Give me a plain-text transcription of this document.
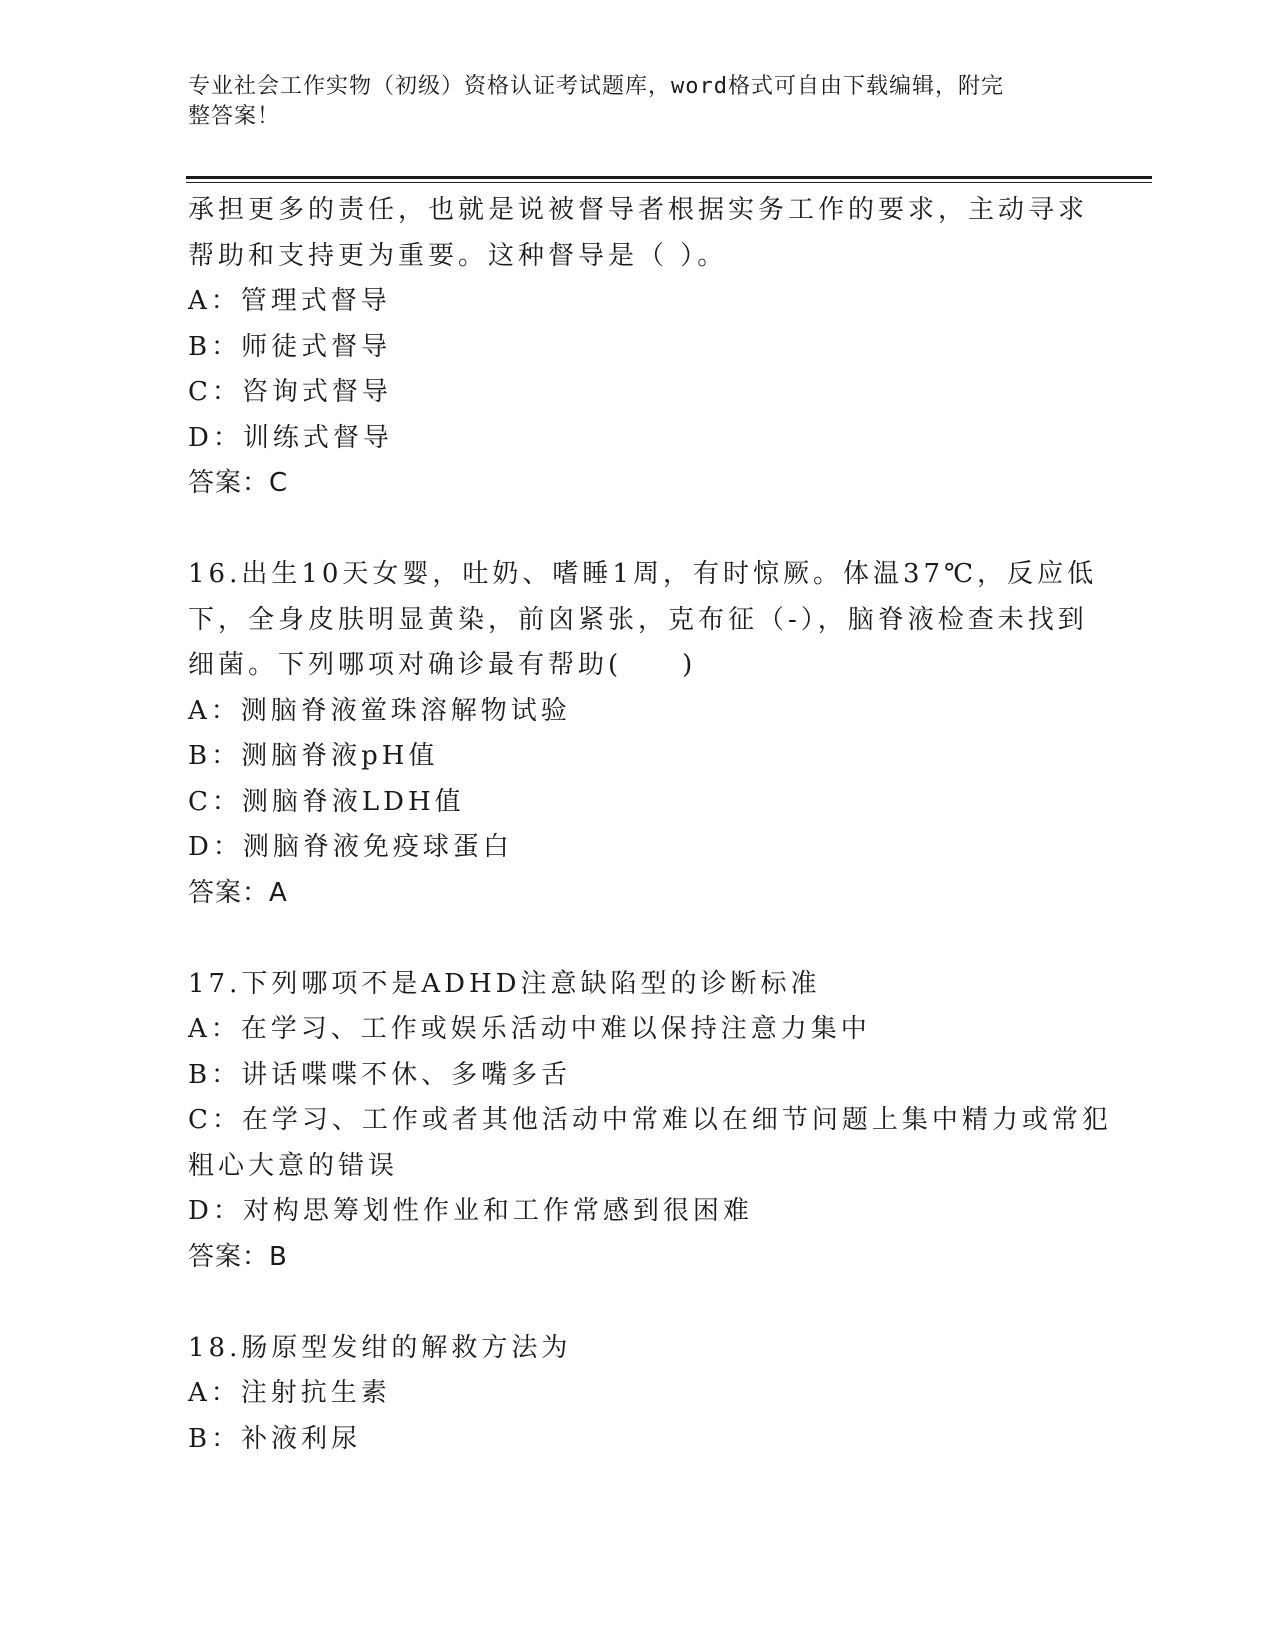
专业社会工作实物（初级）资格认证考试题库，word格式可自由下载编辑，附完
整答案！
承担更多的责任，也就是说被督导者根据实务工作的要求，主动寻求
帮助和支持更为重要。这种督导是（ ）。
A：管理式督导
B：师徒式督导
C：咨询式督导
D：训练式督导
答案：C
16.出生10天女婴，吐奶、嗜睡1周，有时惊厥。体温37℃，反应低
下，全身皮肤明显黄染，前囟紧张，克布征（-），脑脊液检查未找到
细菌。下列哪项对确诊最有帮助(　　)
A：测脑脊液鲎珠溶解物试验
B：测脑脊液pH值
C：测脑脊液LDH值
D：测脑脊液免疫球蛋白
答案：A
17.下列哪项不是ADHD注意缺陷型的诊断标准
A：在学习、工作或娱乐活动中难以保持注意力集中
B：讲话喋喋不休、多嘴多舌
C：在学习、工作或者其他活动中常难以在细节问题上集中精力或常犯
粗心大意的错误
D：对构思筹划性作业和工作常感到很困难
答案：B
18.肠原型发绀的解救方法为
A：注射抗生素
B：补液利尿
